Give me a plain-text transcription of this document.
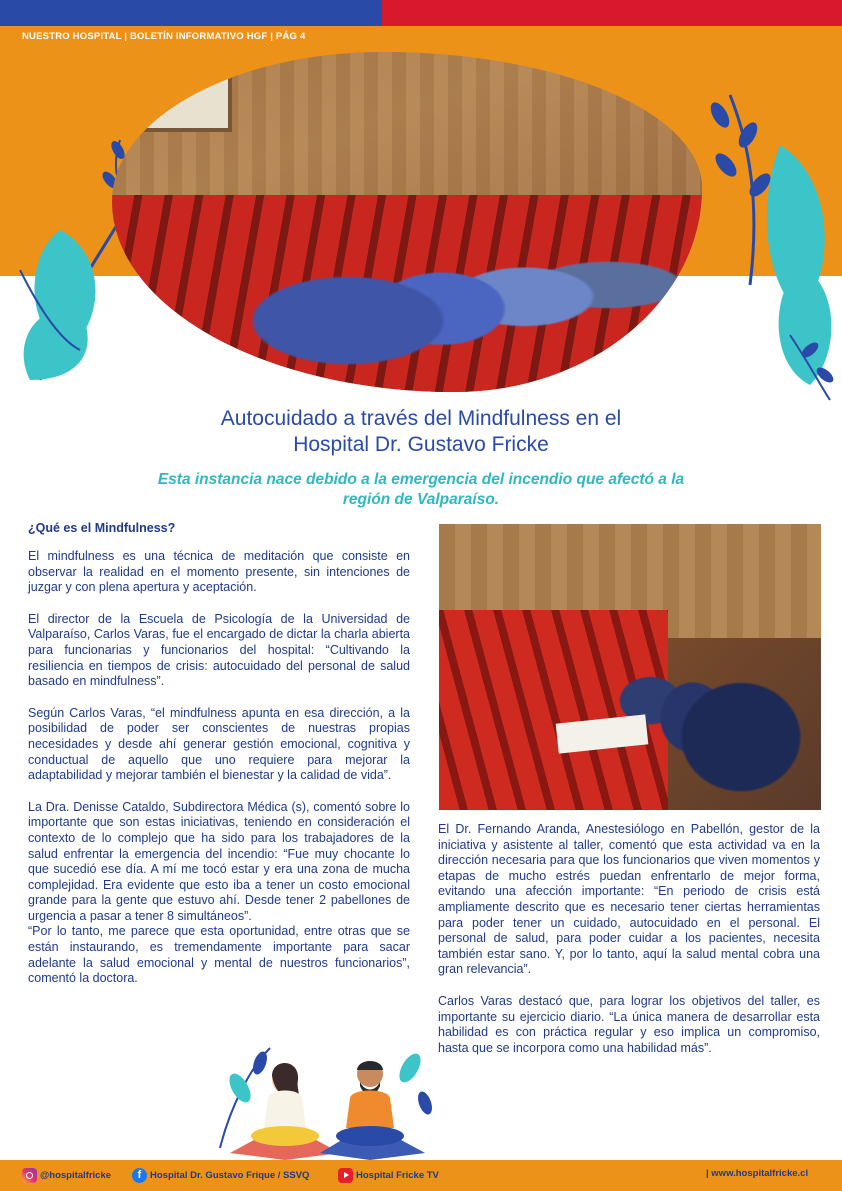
NUESTRO HOSPITAL | BOLETÍN INFORMATIVO HGF | PÁG 4
Autocuidado a través del Mindfulness en el
Hospital Dr. Gustavo Fricke
Esta instancia nace debido a la emergencia del incendio que afectó a la
región de Valparaíso.
¿Qué es el Mindfulness?

El mindfulness es una técnica de meditación que consiste en observar la realidad en el momento presente, sin intenciones de juzgar y con plena apertura y aceptación.

El director de la Escuela de Psicología de la Universidad de Valparaíso, Carlos Varas, fue el encargado de dictar la charla abierta para funcionarias y funcionarios del hospital: “Cultivando la resiliencia en tiempos de crisis: autocuidado del personal de salud basado en mindfulness”.

Según Carlos Varas, “el mindfulness apunta en esa dirección, a la posibilidad de poder ser conscientes de nuestras propias necesidades y desde ahí generar gestión emocional, cognitiva y conductual de aquello que uno requiere para mejorar la adaptabilidad y mejorar también el bienestar y la calidad de vida”.

La Dra. Denisse Cataldo, Subdirectora Médica (s), comentó sobre lo importante que son estas iniciativas, teniendo en consideración el contexto de lo complejo que ha sido para los trabajadores de la salud enfrentar la emergencia del incendio: “Fue muy chocante lo que sucedió ese día. A mí me tocó estar y era una zona de mucha complejidad. Era evidente que esto iba a tener un costo emocional grande para la gente que estuvo ahí. Desde tener 2 pabellones de urgencia a pasar a tener 8 simultáneos”.

“Por lo tanto, me parece que esta oportunidad, entre otras que se están instaurando, es tremendamente importante para sacar adelante la salud emocional y mental de nuestros funcionarios”, comentó la doctora.

El Dr. Fernando Aranda, Anestesiólogo en Pabellón, gestor de la iniciativa y asistente al taller, comentó que esta actividad va en la dirección necesaria para que los funcionarios que viven momentos y etapas de mucho estrés puedan enfrentarlo de mejor forma, evitando una afección importante: “En periodo de crisis está ampliamente descrito que es necesario tener ciertas herramientas para poder tener un cuidado, autocuidado en el personal. El personal de salud, para poder cuidar a los pacientes, necesita también estar sano. Y, por lo tanto, aquí la salud mental cobra una gran relevancia”.

Carlos Varas destacó que, para lograr los objetivos del taller, es importante su ejercicio diario. “La única manera de desarrollar esta habilidad es con práctica regular y eso implica un compromiso, hasta que se incorpora como una habilidad más”.

@hospitalfricke	f Hospital Dr. Gustavo Frique / SSVQ	Hospital Fricke TV	| www.hospitalfricke.cl
